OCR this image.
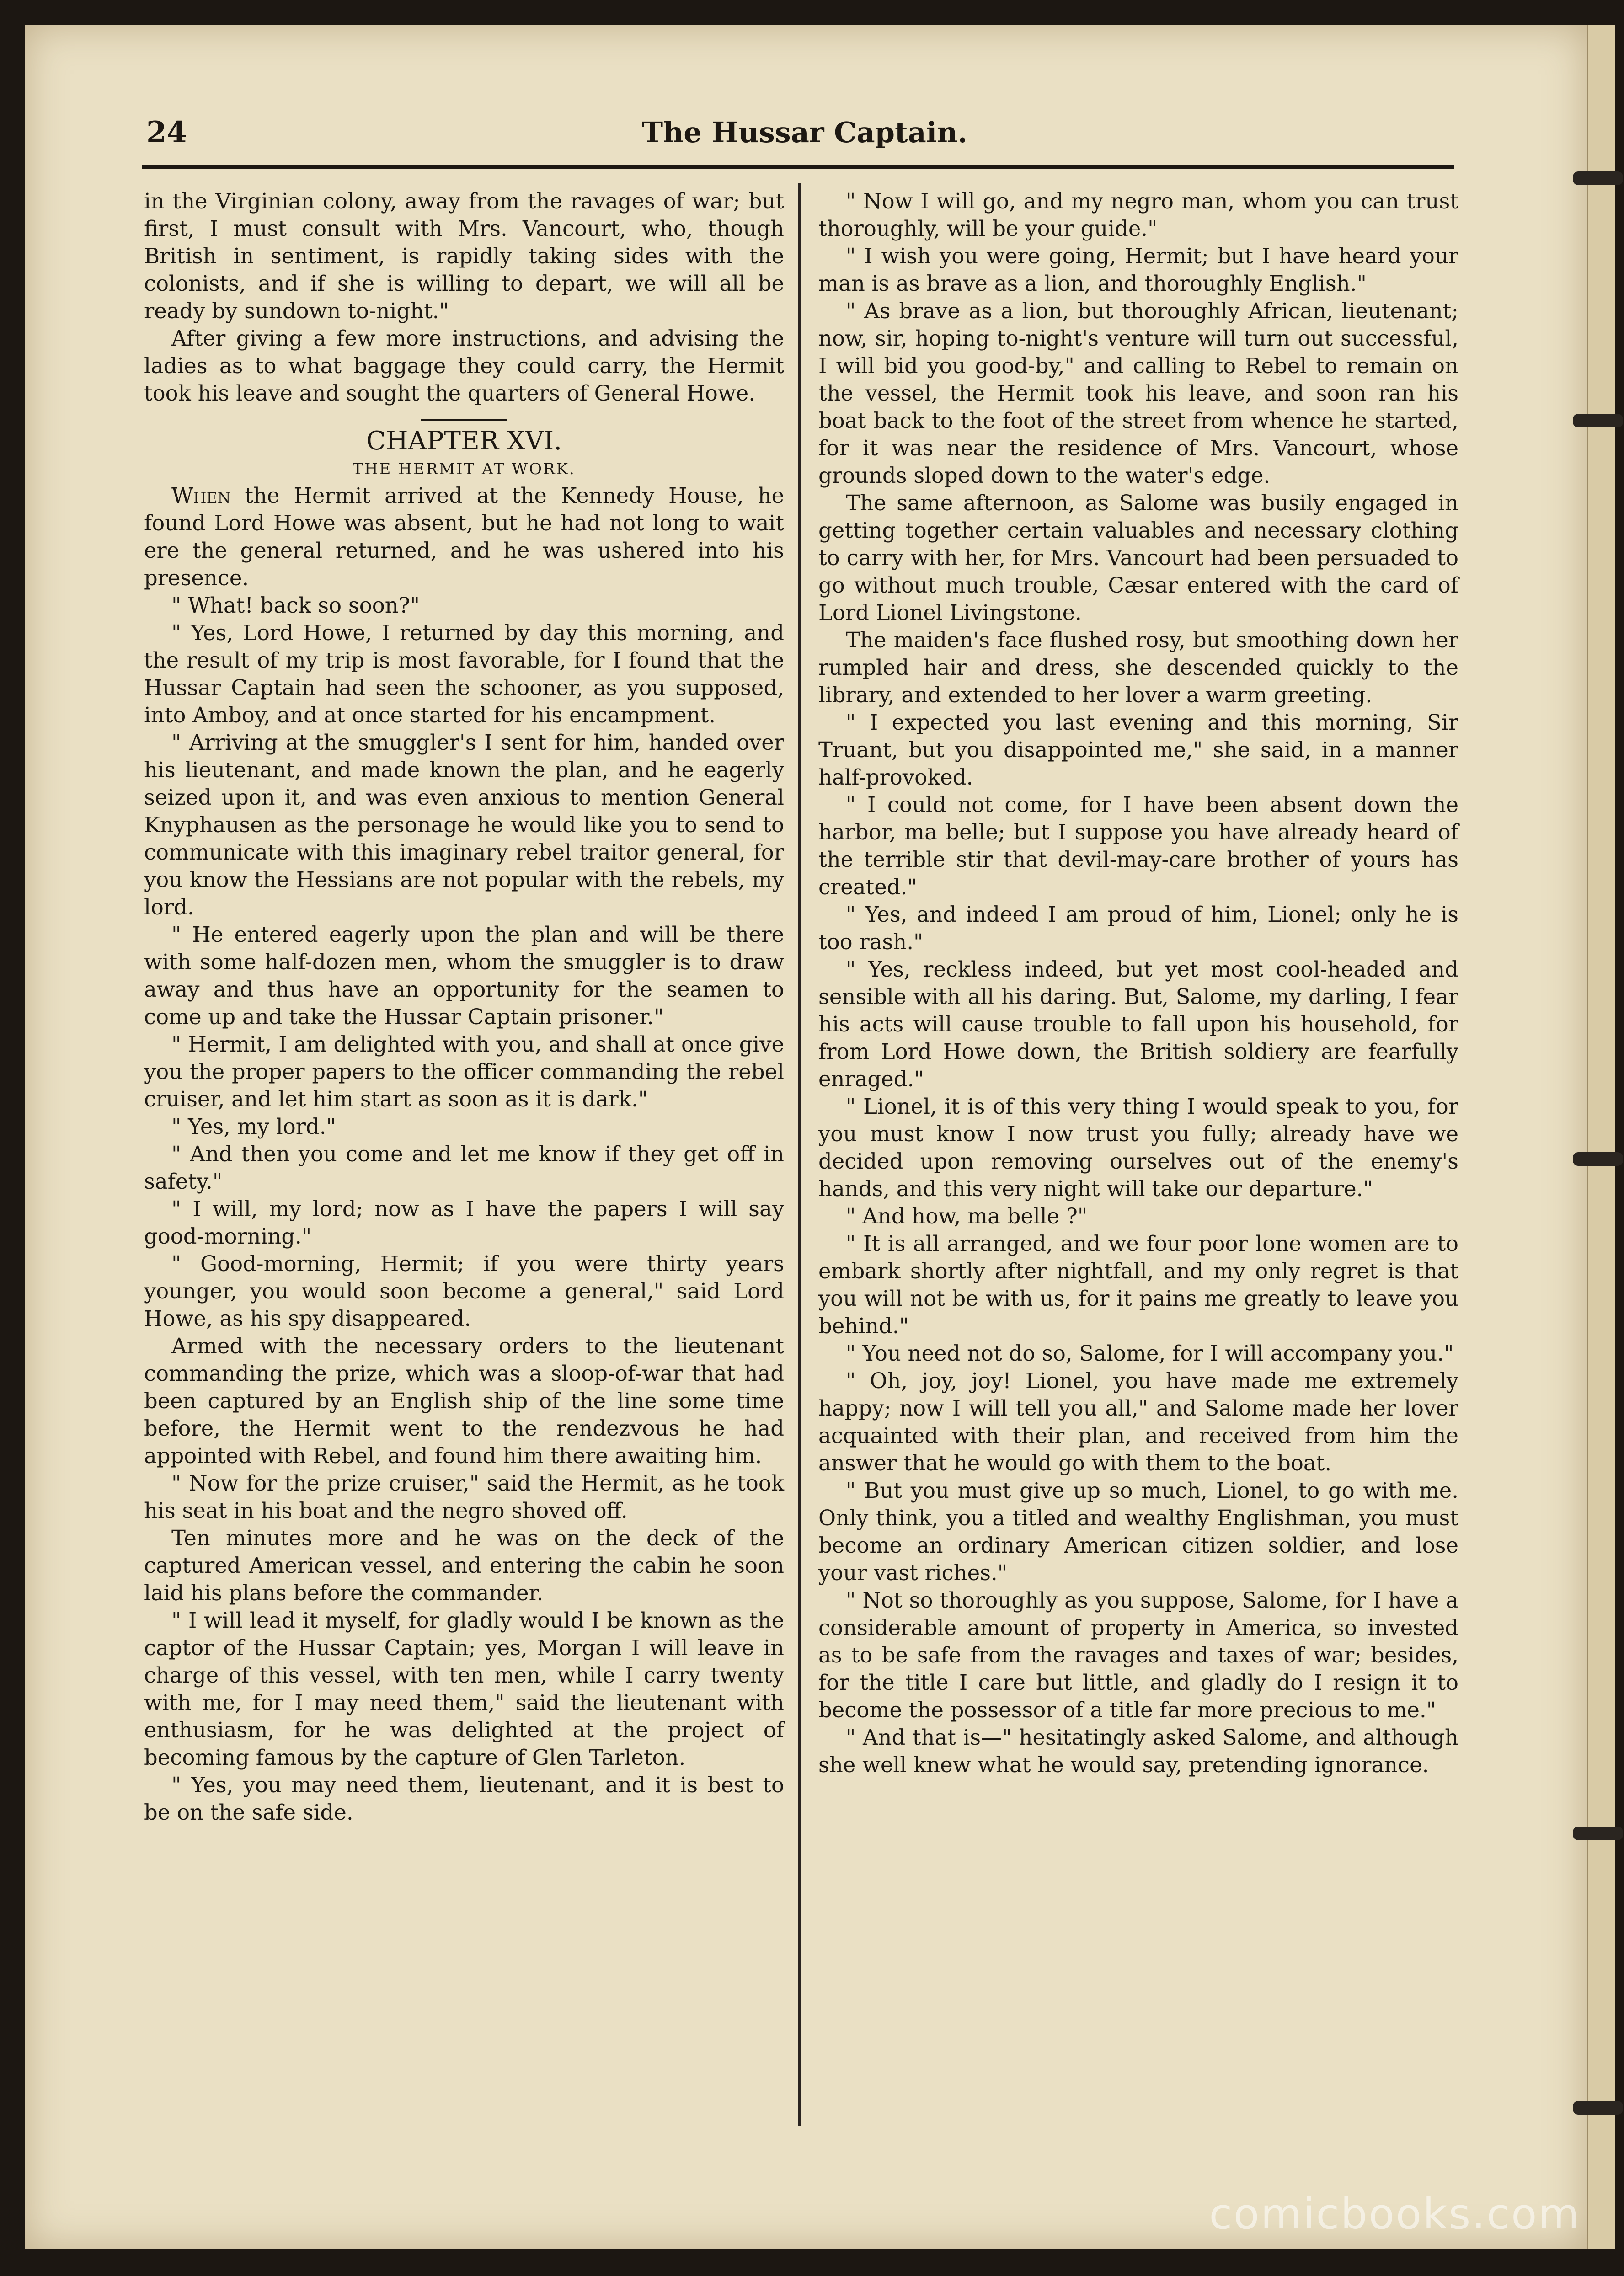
24	The Hussar Captain.

in the Virginian colony, away from the ravages of war; but first, I must consult with Mrs. Vancourt, who, though British in sentiment, is rapidly taking sides with the colonists, and if she is willing to depart, we will all be ready by sundown to-night."

After giving a few more instructions, and advising the ladies as to what baggage they could carry, the Hermit took his leave and sought the quarters of General Howe.

CHAPTER XVI.
THE HERMIT AT WORK.

When the Hermit arrived at the Kennedy House, he found Lord Howe was absent, but he had not long to wait ere the general returned, and he was ushered into his presence.

" What! back so soon?"

" Yes, Lord Howe, I returned by day this morning, and the result of my trip is most favorable, for I found that the Hussar Captain had seen the schooner, as you supposed, into Amboy, and at once started for his encampment.

" Arriving at the smuggler's I sent for him, handed over his lieutenant, and made known the plan, and he eagerly seized upon it, and was even anxious to mention General Knyphausen as the personage he would like you to send to communicate with this imaginary rebel traitor general, for you know the Hessians are not popular with the rebels, my lord.

" He entered eagerly upon the plan and will be there with some half-dozen men, whom the smuggler is to draw away and thus have an opportunity for the seamen to come up and take the Hussar Captain prisoner."

" Hermit, I am delighted with you, and shall at once give you the proper papers to the officer commanding the rebel cruiser, and let him start as soon as it is dark."

" Yes, my lord."

" And then you come and let me know if they get off in safety."

" I will, my lord; now as I have the papers I will say good-morning."

" Good-morning, Hermit; if you were thirty years younger, you would soon become a general," said Lord Howe, as his spy disappeared.

Armed with the necessary orders to the lieutenant commanding the prize, which was a sloop-of-war that had been captured by an English ship of the line some time before, the Hermit went to the rendezvous he had appointed with Rebel, and found him there awaiting him.

" Now for the prize cruiser," said the Hermit, as he took his seat in his boat and the negro shoved off.

Ten minutes more and he was on the deck of the captured American vessel, and entering the cabin he soon laid his plans before the commander.

" I will lead it myself, for gladly would I be known as the captor of the Hussar Captain; yes, Morgan I will leave in charge of this vessel, with ten men, while I carry twenty with me, for I may need them," said the lieutenant with enthusiasm, for he was delighted at the project of becoming famous by the capture of Glen Tarleton.

" Yes, you may need them, lieutenant, and it is best to be on the safe side.

" Now I will go, and my negro man, whom you can trust thoroughly, will be your guide."

" I wish you were going, Hermit; but I have heard your man is as brave as a lion, and thoroughly English."

" As brave as a lion, but thoroughly African, lieutenant; now, sir, hoping to-night's venture will turn out successful, I will bid you good-by," and calling to Rebel to remain on the vessel, the Hermit took his leave, and soon ran his boat back to the foot of the street from whence he started, for it was near the residence of Mrs. Vancourt, whose grounds sloped down to the water's edge.

The same afternoon, as Salome was busily engaged in getting together certain valuables and necessary clothing to carry with her, for Mrs. Vancourt had been persuaded to go without much trouble, Cæsar entered with the card of Lord Lionel Livingstone.

The maiden's face flushed rosy, but smoothing down her rumpled hair and dress, she descended quickly to the library, and extended to her lover a warm greeting.

" I expected you last evening and this morning, Sir Truant, but you disappointed me," she said, in a manner half-provoked.

" I could not come, for I have been absent down the harbor, ma belle; but I suppose you have already heard of the terrible stir that devil-may-care brother of yours has created."

" Yes, and indeed I am proud of him, Lionel; only he is too rash."

" Yes, reckless indeed, but yet most cool-headed and sensible with all his daring. But, Salome, my darling, I fear his acts will cause trouble to fall upon his household, for from Lord Howe down, the British soldiery are fearfully enraged."

" Lionel, it is of this very thing I would speak to you, for you must know I now trust you fully; already have we decided upon removing ourselves out of the enemy's hands, and this very night will take our departure."

" And how, ma belle ?"

" It is all arranged, and we four poor lone women are to embark shortly after nightfall, and my only regret is that you will not be with us, for it pains me greatly to leave you behind."

" You need not do so, Salome, for I will accompany you."

" Oh, joy, joy! Lionel, you have made me extremely happy; now I will tell you all," and Salome made her lover acquainted with their plan, and received from him the answer that he would go with them to the boat.

" But you must give up so much, Lionel, to go with me. Only think, you a titled and wealthy Englishman, you must become an ordinary American citizen soldier, and lose your vast riches."

" Not so thoroughly as you suppose, Salome, for I have a considerable amount of property in America, so invested as to be safe from the ravages and taxes of war; besides, for the title I care but little, and gladly do I resign it to become the possessor of a title far more precious to me."

" And that is—" hesitatingly asked Salome, and although she well knew what he would say, pretending ignorance.

comicbooks.com
